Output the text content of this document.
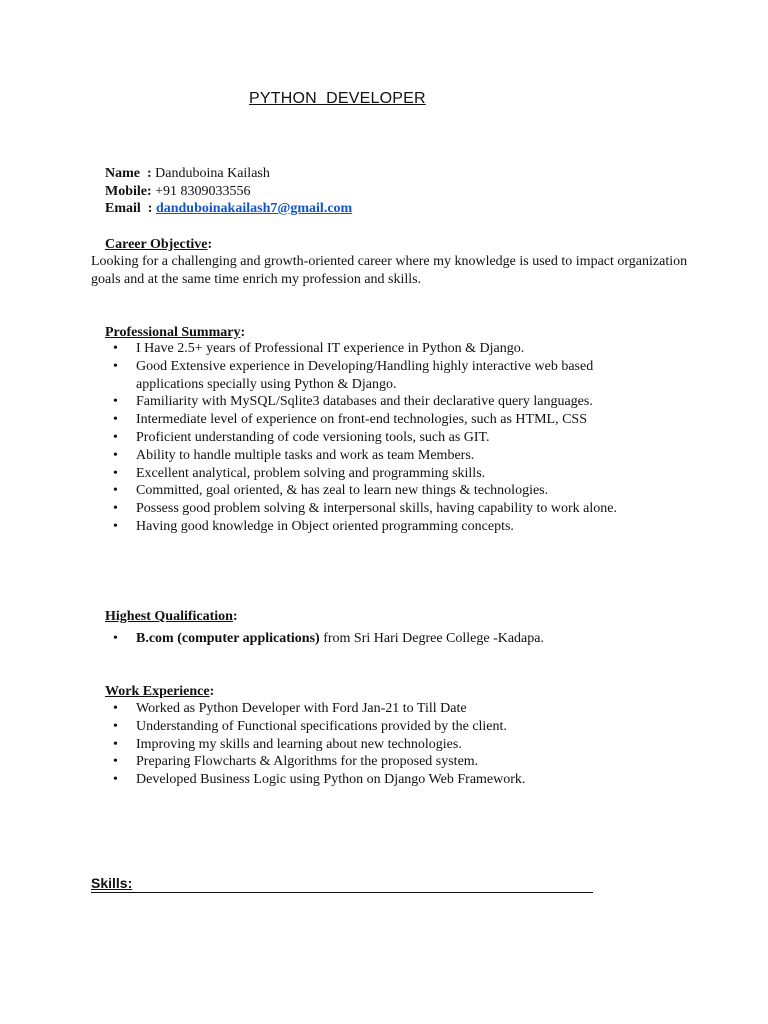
PYTHON  DEVELOPER

Name  : Danduboina Kailash

Mobile: +91 8309033556

Email  : danduboinakailash7@gmail.com

Career Objective:

Looking for a challenging and growth-oriented career where my knowledge is used to impact organization goals and at the same time enrich my profession and skills.

Professional Summary:

• I Have 2.5+ years of Professional IT experience in Python & Django.
• Good Extensive experience in Developing/Handling highly interactive web based applications specially using Python & Django.
• Familiarity with MySQL/Sqlite3 databases and their declarative query languages.
• Intermediate level of experience on front-end technologies, such as HTML, CSS
• Proficient understanding of code versioning tools, such as GIT.
• Ability to handle multiple tasks and work as team Members.
• Excellent analytical, problem solving and programming skills.
• Committed, goal oriented, & has zeal to learn new things & technologies.
• Possess good problem solving & interpersonal skills, having capability to work alone.
• Having good knowledge in Object oriented programming concepts.

Highest Qualification:

• B.com (computer applications) from Sri Hari Degree College -Kadapa.

Work Experience:

• Worked as Python Developer with Ford Jan-21 to Till Date
• Understanding of Functional specifications provided by the client.
• Improving my skills and learning about new technologies.
• Preparing Flowcharts & Algorithms for the proposed system.
• Developed Business Logic using Python on Django Web Framework.
Skills:
